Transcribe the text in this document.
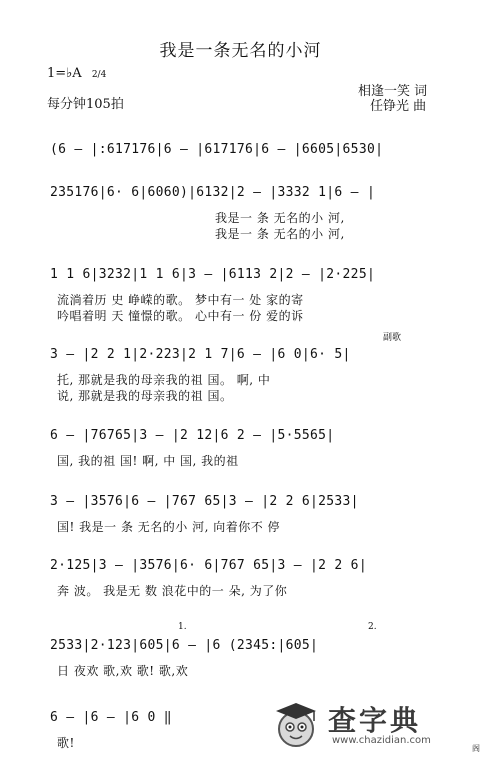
我是一条无名的小河
1=♭A 2/4
每分钟105拍
相逢一笑 词
任铮光 曲
(6 – |:617176|6 – |617176|6 – |6605|6530|
235176|6· 6|6060)|6132|2 – |3332 1|6 – |
我是一 条 无名的小 河,
我是一 条 无名的小 河,
1 1 6|3232|1 1 6|3 – |6113 2|2 – |2·225|
流淌着历 史 峥嵘的歌。 梦中有一 处 家的寄
吟唱着明 天 憧憬的歌。 心中有一 份 爱的诉
3 – |2 2 1|2·223|2 1 7|6 – |6 0|6· 5|
托, 那就是我的母亲我的祖 国。 啊, 中
说, 那就是我的母亲我的祖 国。
6 – |76765|3 – |2 12|6 2 – |5·5565|
国, 我的祖 国! 啊, 中 国, 我的祖
3 – |3576|6 – |767 65|3 – |2 2 6|2533|
国! 我是一 条 无名的小 河, 向着你不 停
2·125|3 – |3576|6· 6|767 65|3 – |2 2 6|
奔 波。 我是无 数 浪花中的一 朵, 为了你
2533|2·123|605|6 – |6 (2345:|605|
日 夜欢 歌,欢 歌! 歌,欢
6 – |6 – |6 0 ‖
歌!
副歌
1.	2.
查字典
www.chazidian.com
阁
